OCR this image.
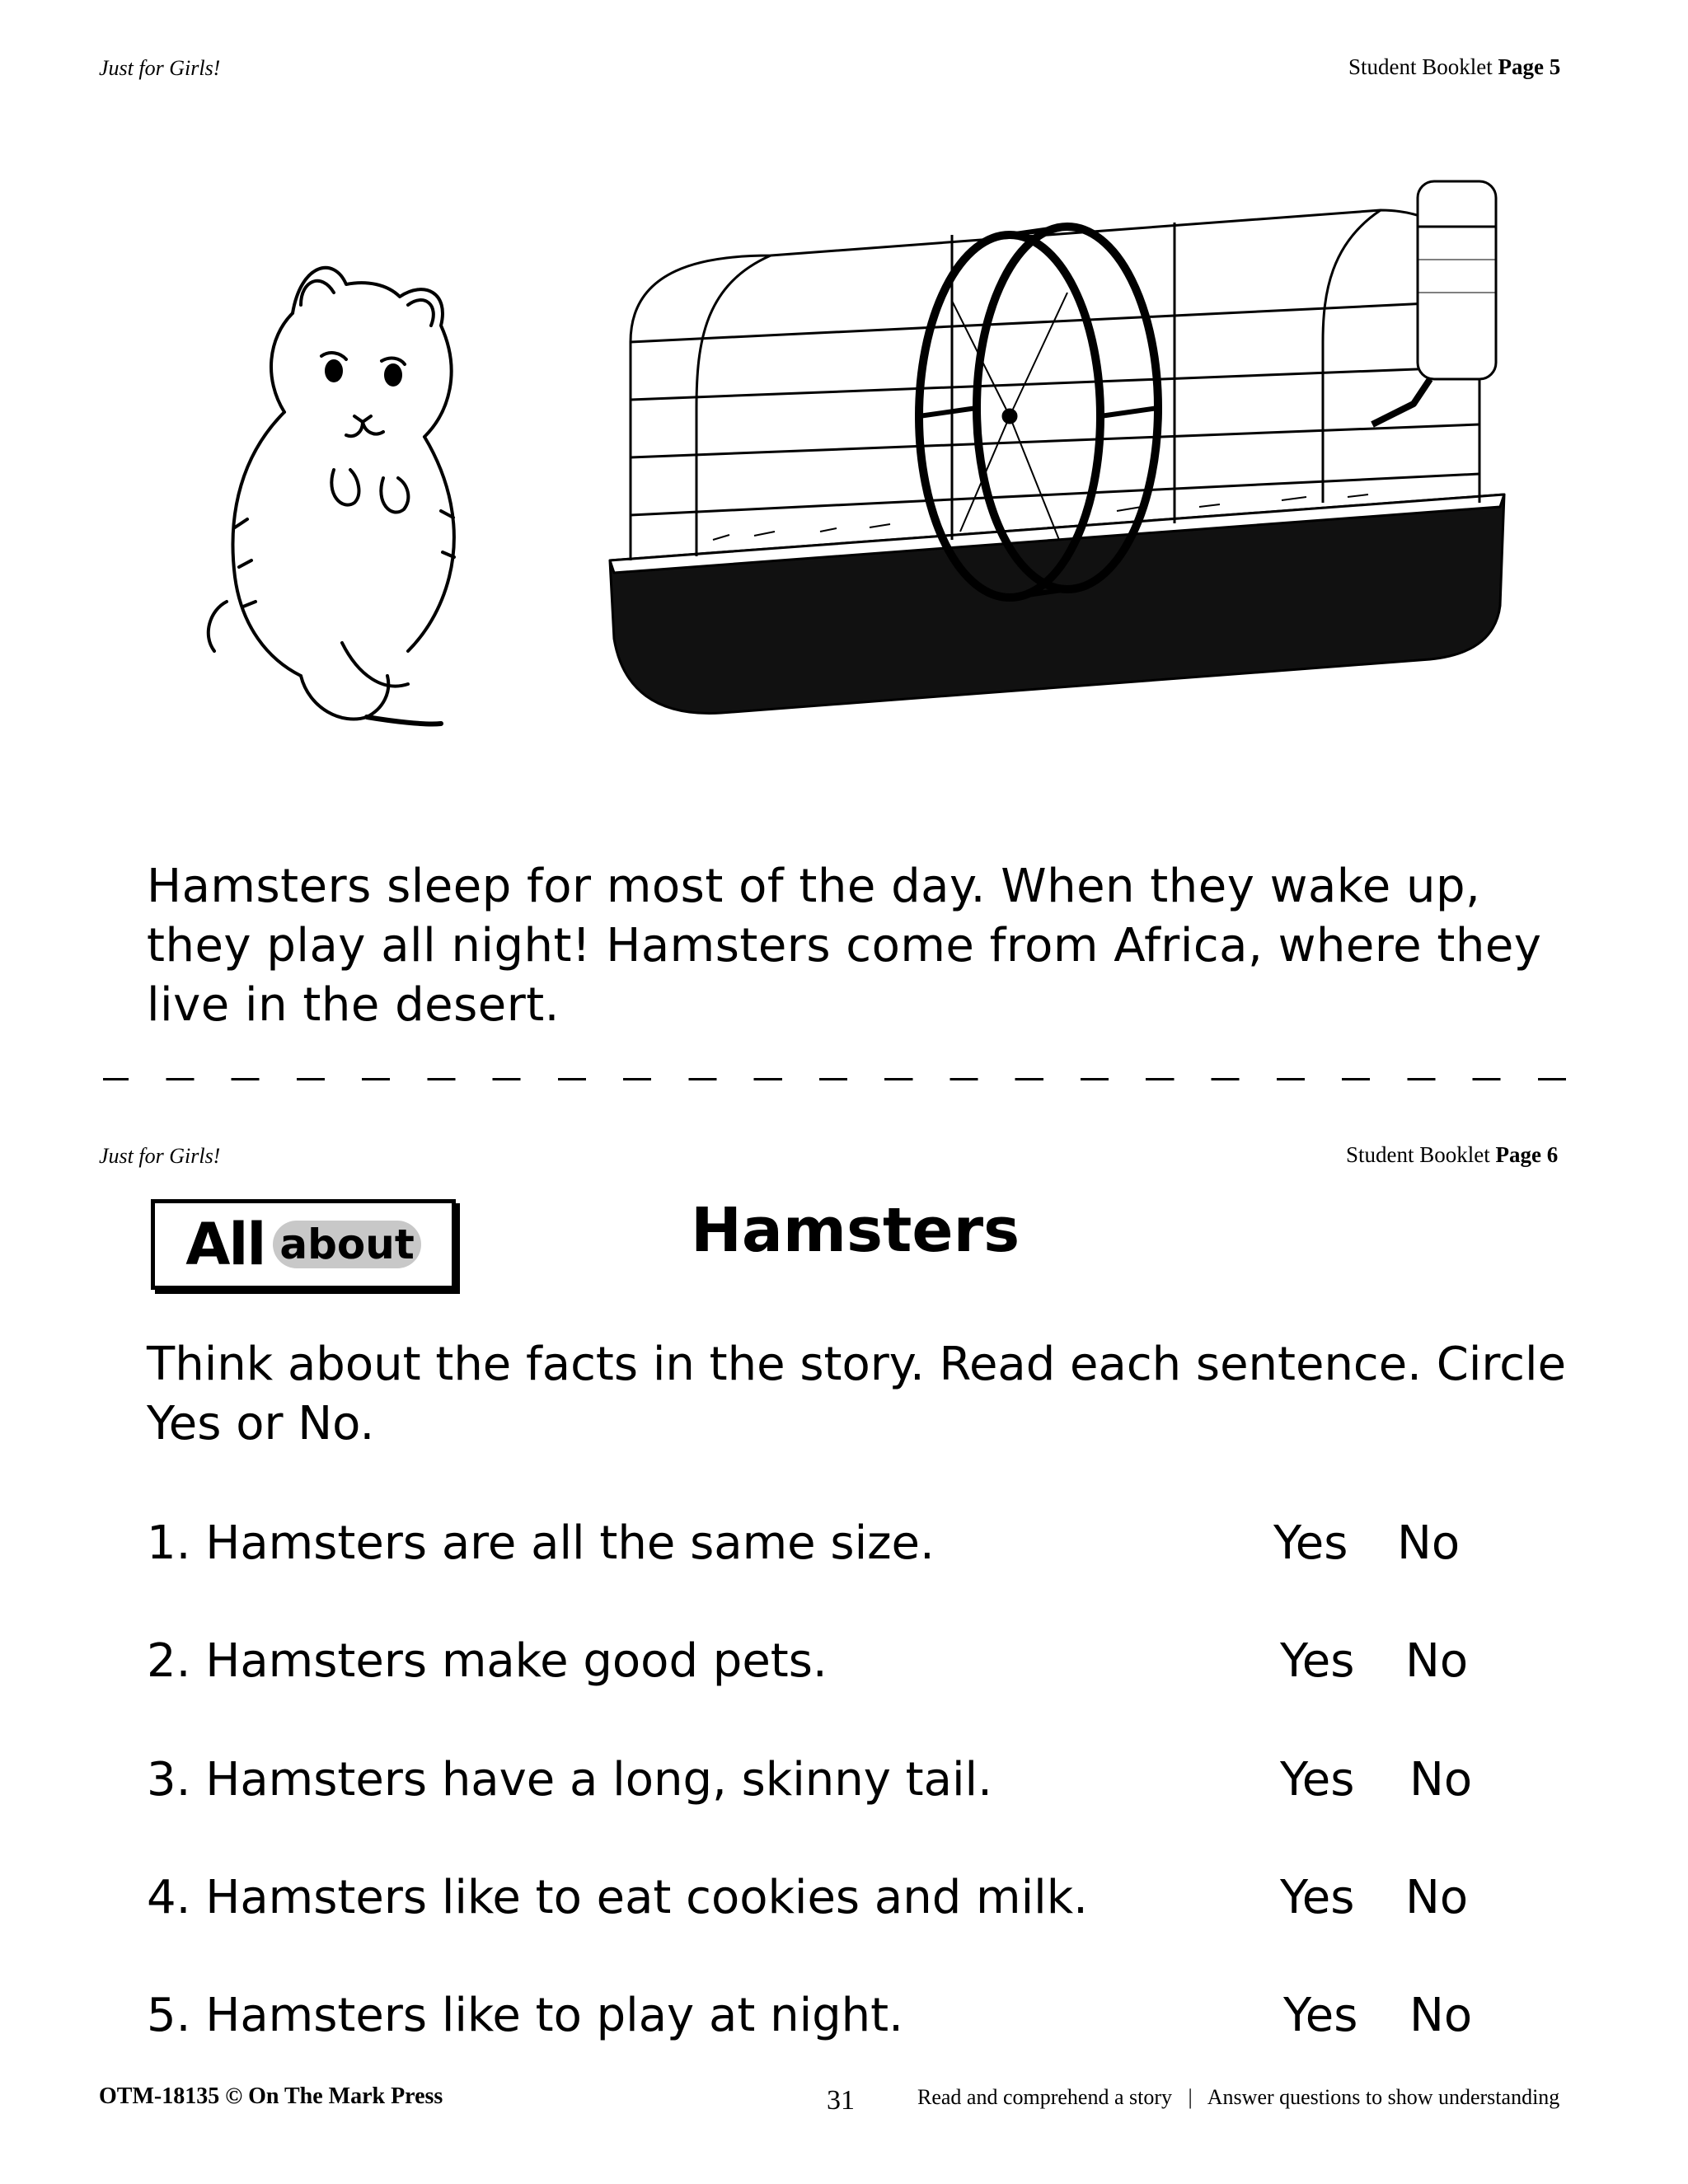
Just for Girls!	Student Booklet Page 5
Hamsters sleep for most of the day. When they wake up, they play all night! Hamsters come from Africa, where they live in the desert.
Just for Girls!	Student Booklet Page 6
All about	Hamsters
Think about the facts in the story. Read each sentence. Circle Yes or No.
1. Hamsters are all the same size.	Yes No
2. Hamsters make good pets.	Yes No
3. Hamsters have a long, skinny tail.	Yes No
4. Hamsters like to eat cookies and milk.	Yes No
5. Hamsters like to play at night.	Yes No
OTM-18135 © On The Mark Press	31	Read and comprehend a story   |   Answer questions to show understanding
